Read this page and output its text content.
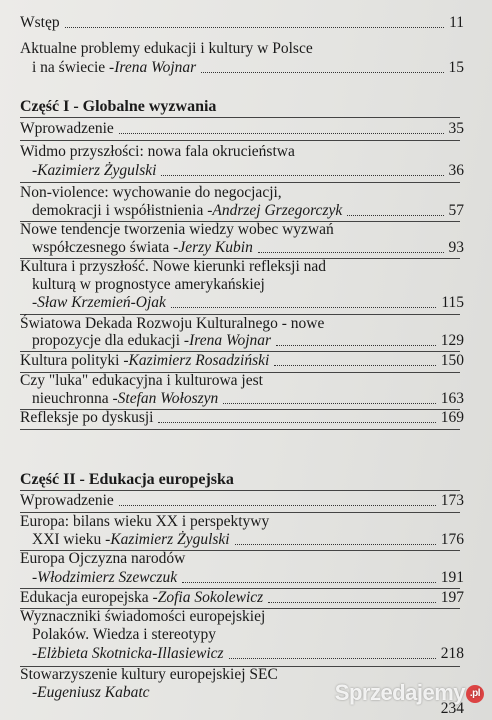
Wstęp	11
Aktualne problemy edukacji i kultury w Polsce
i na świecie - Irena Wojnar	15
Część I - Globalne wyzwania
Wprowadzenie	35
Widmo przyszłości: nowa fala okrucieństwa
- Kazimierz Żygulski	36
Non-violence: wychowanie do negocjacji,
demokracji i współistnienia - Andrzej Grzegorczyk	57
Nowe tendencje tworzenia wiedzy wobec wyzwań
współczesnego świata - Jerzy Kubin	93
Kultura i przyszłość. Nowe kierunki refleksji nad
kulturą w prognostyce amerykańskiej
- Sław Krzemień-Ojak	115
Światowa Dekada Rozwoju Kulturalnego - nowe
propozycje dla edukacji - Irena Wojnar	129
Kultura polityki - Kazimierz Rosadziński	150
Czy "luka" edukacyjna i kulturowa jest
nieuchronna - Stefan Wołoszyn	163
Refleksje po dyskusji	169
Część II - Edukacja europejska
Wprowadzenie	173
Europa: bilans wieku XX i perspektywy
XXI wieku - Kazimierz Żygulski	176
Europa Ojczyzna narodów
- Włodzimierz Szewczuk	191
Edukacja europejska - Zofia Sokolewicz	197
Wyznaczniki świadomości europejskiej
Polaków. Wiedza i stereotypy
- Elżbieta Skotnicka-Illasiewicz	218
Stowarzyszenie kultury europejskiej SEC
- Eugeniusz Kabatc
234
Sprzedajemy .pl
